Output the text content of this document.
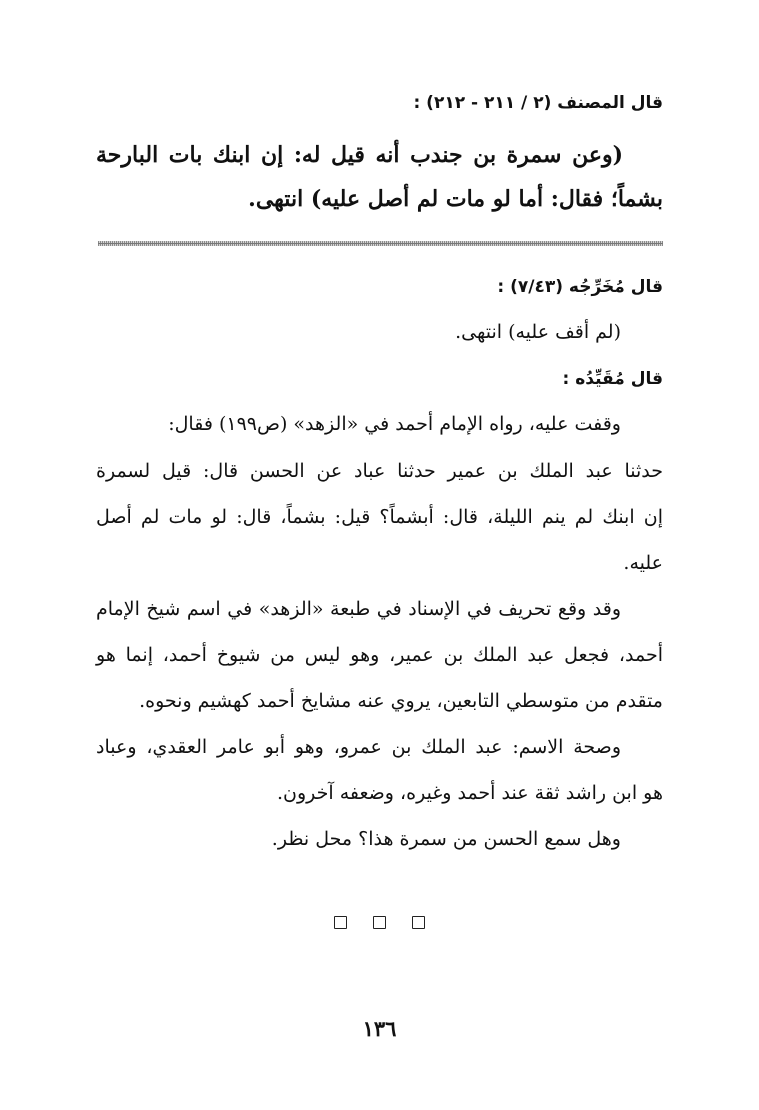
قال المصنف (٢ / ٢١١ - ٢١٢) :
(وعن سمرة بن جندب أنه قيل له: إن ابنك بات البارحة
بشماً؛ فقال: أما لو مات لم أصل عليه) انتهى.
قال مُخَرِّجُه (٧/٤٣) :
(لم أقف عليه) انتهى.
قال مُقَيِّدُه :
وقفت عليه، رواه الإمام أحمد في «الزهد» (ص١٩٩) فقال:
حدثنا عبد الملك بن عمير حدثنا عباد عن الحسن قال: قيل لسمرة
إن ابنك لم ينم الليلة، قال: أبشماً؟ قيل: بشماً، قال: لو مات لم أصل
عليه.
وقد وقع تحريف في الإسناد في طبعة «الزهد» في اسم شيخ الإمام
أحمد، فجعل عبد الملك بن عمير، وهو ليس من شيوخ أحمد، إنما هو
متقدم من متوسطي التابعين، يروي عنه مشايخ أحمد كهشيم ونحوه.
وصحة الاسم: عبد الملك بن عمرو، وهو أبو عامر العقدي، وعباد
هو ابن راشد ثقة عند أحمد وغيره، وضعفه آخرون.
وهل سمع الحسن من سمرة هذا؟ محل نظر.
١٣٦
